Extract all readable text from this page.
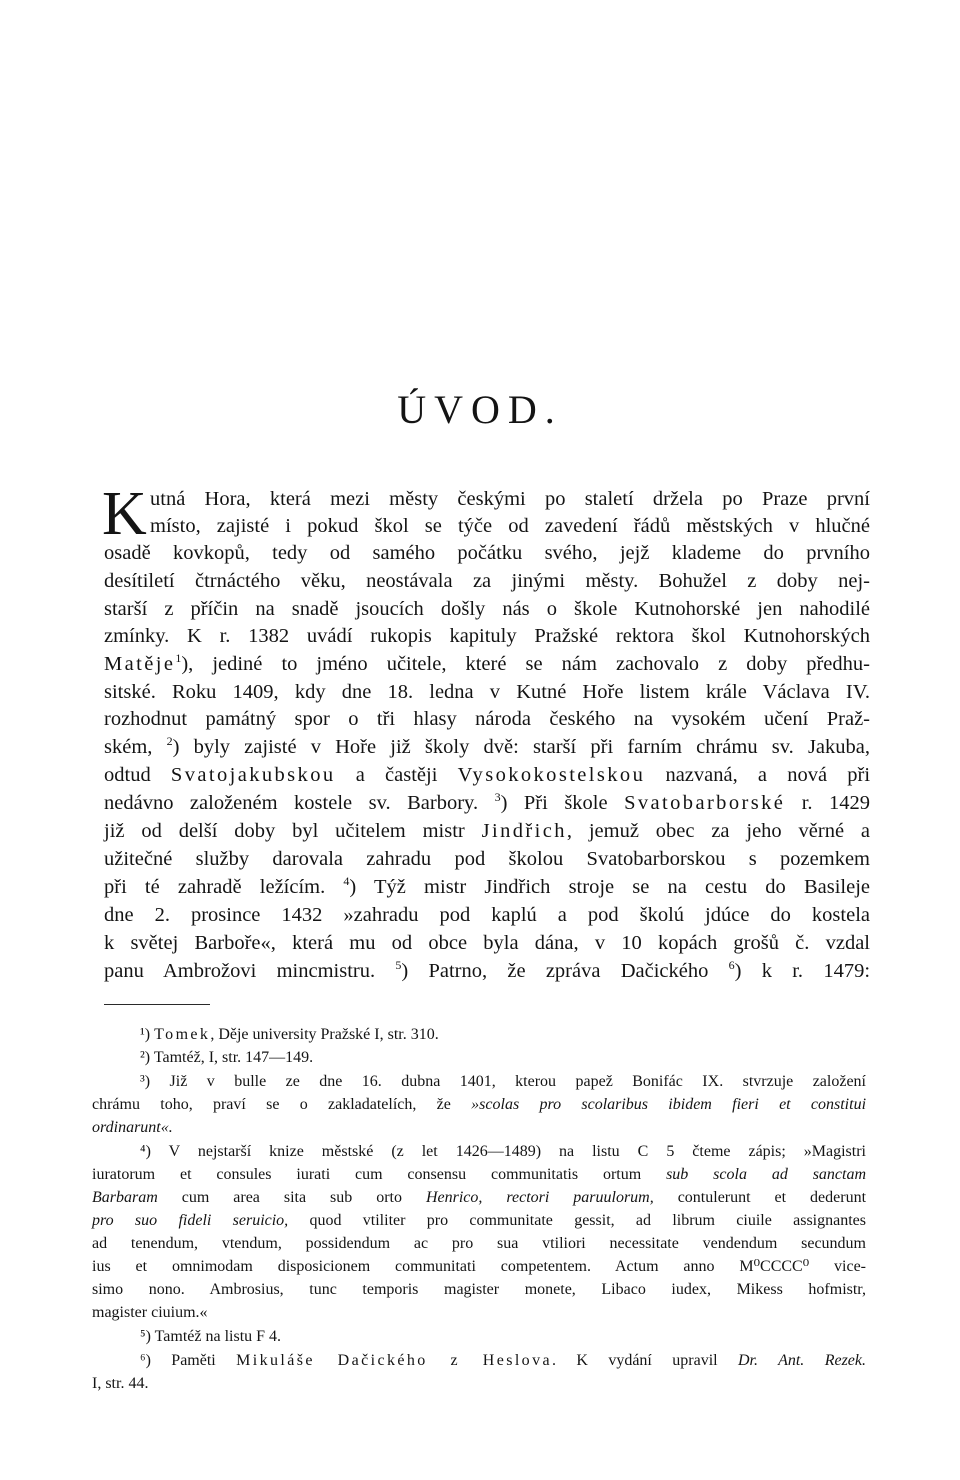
ÚVOD.
K utná Hora, která mezi městy českými po staletí držela po Praze první
místo, zajisté i pokud škol se týče od zavedení řádů městských v hlučné
osadě kovkopů, tedy od samého počátku svého, jejž klademe do prvního
desítiletí čtrnáctého věku, neostávala za jinými městy. Bohužel z doby nej-
starší z příčin na snadě jsoucích došly nás o škole Kutnohorské jen nahodilé
zmínky. K r. 1382 uvádí rukopis kapituly Pražské rektora škol Kutnohorských
Matěje$^1$), jediné to jméno učitele, které se nám zachovalo z doby předhu-
sitské. Roku 1409, kdy dne 18. ledna v Kutné Hoře listem krále Václava IV.
rozhodnut památný spor o tři hlasy národa českého na vysokém učení Praž-
ském, $^2$) byly zajisté v Hoře již školy dvě: starší při farním chrámu sv. Jakuba,
odtud Svatojakubskou a častěji Vysokokostelskou nazvaná, a nová při
nedávno založeném kostele sv. Barbory. $^3$) Při škole Svatobarborské r. 1429
již od delší doby byl učitelem mistr Jindřich, jemuž obec za jeho věrné a
užitečné služby darovala zahradu pod školou Svatobarborskou s pozemkem
při té zahradě ležícím. $^4$) Týž mistr Jindřich stroje se na cestu do Basileje
dne 2. prosince 1432 »zahradu pod kaplú a pod školú jdúce do kostela
k světej Barboře«, která mu od obce byla dána, v 10 kopách grošů č. vzdal
panu Ambrožovi mincmistru. $^5$) Patrno, že zpráva Dačického $^6$) k r. 1479:
¹) Tomek, Děje university Pražské I, str. 310.
²) Tamtéž, I, str. 147—149.
³) Již v bulle ze dne 16. dubna 1401, kterou papež Bonifác IX. stvrzuje založení
chrámu toho, praví se o zakladatelích, že »scolas pro scolaribus ibidem fieri et constitui
ordinarunt«.
⁴) V nejstarší knize městské (z let 1426—1489) na listu C 5 čteme zápis; »Magistri
iuratorum et consules iurati cum consensu communitatis ortum sub scola ad sanctam
Barbaram cum area sita sub orto Henrico, rectori paruulorum, contulerunt et dederunt
pro suo fideli seruicio, quod vtiliter pro communitate gessit, ad librum ciuile assignantes
ad tenendum, vtendum, possidendum ac pro sua vtiliori necessitate vendendum secundum
ius et omnimodam disposicionem communitati competentem. Actum anno M⁰CCCC⁰ vice-
simo nono. Ambrosius, tunc temporis magister monete, Libaco iudex, Mikess hofmistr,
magister ciuium.«
⁵) Tamtéž na listu F 4.
⁶) Paměti Mikuláše Dačického z Heslova. K vydání upravil Dr. Ant. Rezek.
I, str. 44.
